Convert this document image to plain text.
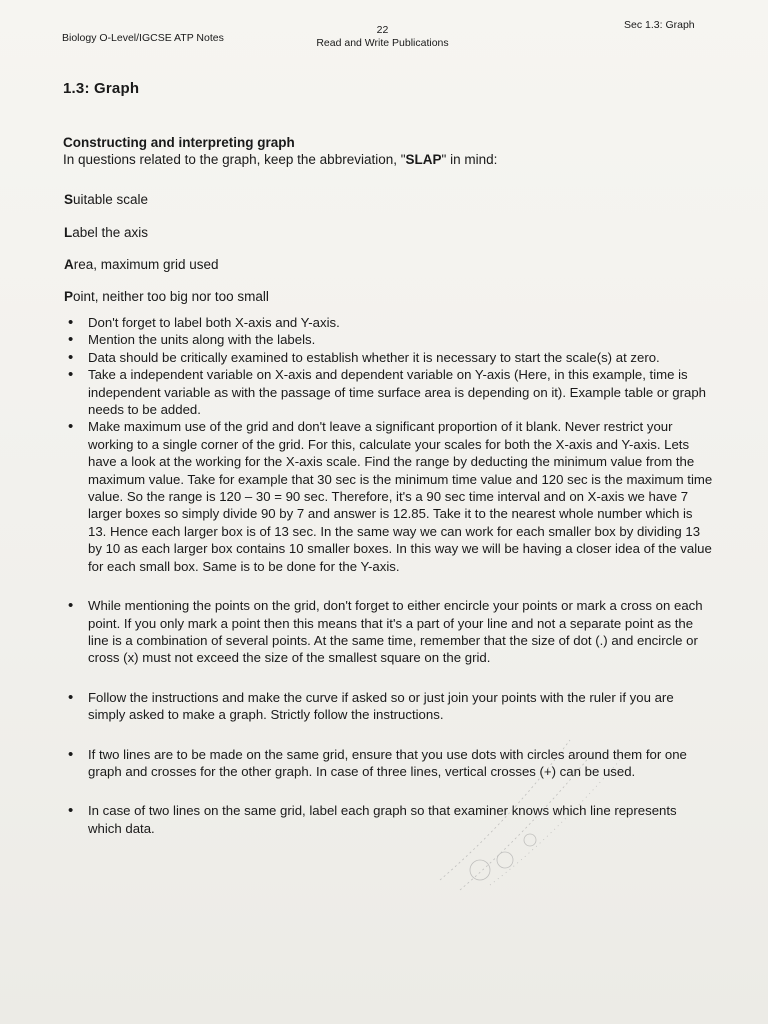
Biology O-Level/IGCSE ATP Notes
22
Read and Write Publications
Sec 1.3: Graph
1.3: Graph
Constructing and interpreting graph
In questions related to the graph, keep the abbreviation, "SLAP" in mind:
Suitable scale
Label the axis
Area, maximum grid used
Point, neither too big nor too small
• Don't forget to label both X-axis and Y-axis.
• Mention the units along with the labels.
• Data should be critically examined to establish whether it is necessary to start the scale(s) at zero.
• Take a independent variable on X-axis and dependent variable on Y-axis (Here, in this example, time is independent variable as with the passage of time surface area is depending on it). Example table or graph needs to be added.
• Make maximum use of the grid and don't leave a significant proportion of it blank. Never restrict your working to a single corner of the grid. For this, calculate your scales for both the X-axis and Y-axis. Lets have a look at the working for the X-axis scale. Find the range by deducting the minimum value from the maximum value. Take for example that 30 sec is the minimum time value and 120 sec is the maximum time value. So the range is 120 – 30 = 90 sec. Therefore, it's a 90 sec time interval and on X-axis we have 7 larger boxes so simply divide 90 by 7 and answer is 12.85. Take it to the nearest whole number which is 13. Hence each larger box is of 13 sec. In the same way we can work for each smaller box by dividing 13 by 10 as each larger box contains 10 smaller boxes. In this way we will be having a closer idea of the value for each small box. Same is to be done for the Y-axis.
• While mentioning the points on the grid, don't forget to either encircle your points or mark a cross on each point. If you only mark a point then this means that it's a part of your line and not a separate point as the line is a combination of several points. At the same time, remember that the size of dot (.) and encircle or cross (x) must not exceed the size of the smallest square on the grid.
• Follow the instructions and make the curve if asked so or just join your points with the ruler if you are simply asked to make a graph. Strictly follow the instructions.
• If two lines are to be made on the same grid, ensure that you use dots with circles around them for one graph and crosses for the other graph. In case of three lines, vertical crosses (+) can be used.
• In case of two lines on the same grid, label each graph so that examiner knows which line represents which data.
